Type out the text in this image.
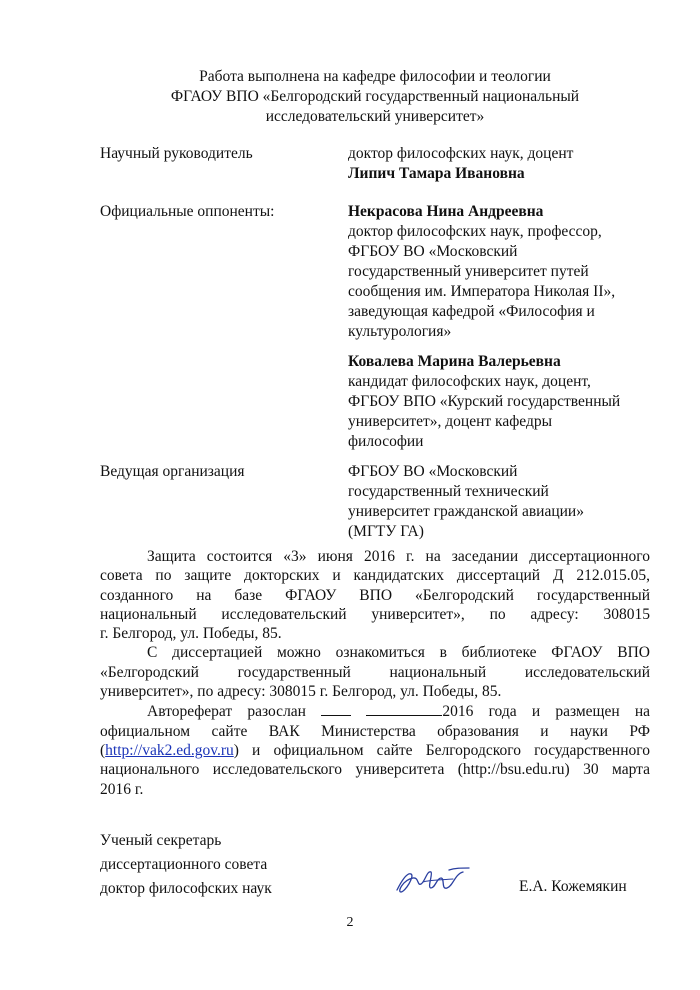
Работа выполнена на кафедре философии и теологии
ФГАОУ ВПО «Белгородский государственный национальный
исследовательский университет»
Научный руководитель	доктор философских наук, доцент
Липич Тамара Ивановна
Официальные оппоненты:	Некрасова Нина Андреевна
доктор философских наук, профессор,
ФГБОУ ВО «Московский
государственный университет путей
сообщения им. Императора Николая II»,
заведующая кафедрой «Философия и
культурология»
Ковалева Марина Валерьевна
кандидат философских наук, доцент,
ФГБОУ ВПО «Курский государственный
университет», доцент кафедры
философии
Ведущая организация	ФГБОУ ВО «Московский
государственный технический
университет гражданской авиации»
(МГТУ ГА)
Защита состоится «3» июня 2016 г. на заседании диссертационного
совета по защите докторских и кандидатских диссертаций Д 212.015.05,
созданного на базе ФГАОУ ВПО «Белгородский государственный
национальный исследовательский университет», по адресу: 308015
г. Белгород, ул. Победы, 85.
С диссертацией можно ознакомиться в библиотеке ФГАОУ ВПО
«Белгородский государственный национальный исследовательский
университет», по адресу: 308015 г. Белгород, ул. Победы, 85.
Автореферат разослан	2016 года и размещен на
официальном сайте ВАК Министерства образования и науки РФ
(http://vak2.ed.gov.ru) и официальном сайте Белгородского государственного
национального исследовательского университета (http://bsu.edu.ru) 30 марта
2016 г.
Ученый секретарь
диссертационного совета
доктор философских наук	Е.А. Кожемякин
2
